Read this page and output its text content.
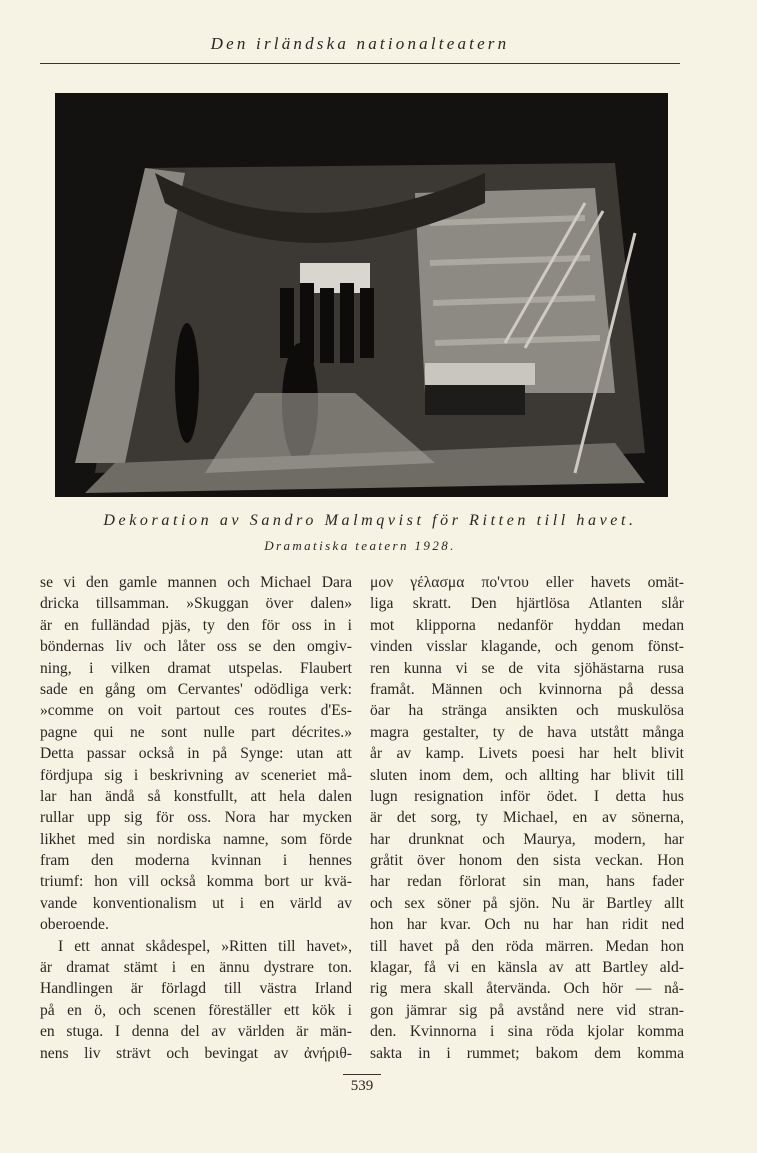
Den irländska nationalteatern
Dekoration av Sandro Malmqvist för Ritten till havet.
Dramatiska teatern 1928.
se vi den gamle mannen och Michael Dara
dricka tillsamman. »Skuggan över dalen»
är en fulländad pjäs, ty den för oss in i
böndernas liv och låter oss se den omgiv-
ning, i vilken dramat utspelas. Flaubert
sade en gång om Cervantes' odödliga verk:
»comme on voit partout ces routes d'Es-
pagne qui ne sont nulle part décrites.»
Detta passar också in på Synge: utan att
fördjupa sig i beskrivning av sceneriet må-
lar han ändå så konstfullt, att hela dalen
rullar upp sig för oss. Nora har mycken
likhet med sin nordiska namne, som förde
fram den moderna kvinnan i hennes
triumf: hon vill också komma bort ur kvä-
vande konventionalism ut i en värld av
oberoende.
I ett annat skådespel, »Ritten till havet»,
är dramat stämt i en ännu dystrare ton.
Handlingen är förlagd till västra Irland
på en ö, och scenen föreställer ett kök i
en stuga. I denna del av världen är män-
nens liv strävt och bevingat av ἀνήριθ-
μον γέλασμα πο'ντου eller havets omät-
liga skratt. Den hjärtlösa Atlanten slår
mot klipporna nedanför hyddan medan
vinden visslar klagande, och genom fönst-
ren kunna vi se de vita sjöhästarna rusa
framåt. Männen och kvinnorna på dessa
öar ha stränga ansikten och muskulösa
magra gestalter, ty de hava utstått många
år av kamp. Livets poesi har helt blivit
sluten inom dem, och allting har blivit till
lugn resignation inför ödet. I detta hus
är det sorg, ty Michael, en av sönerna,
har drunknat och Maurya, modern, har
gråtit över honom den sista veckan. Hon
har redan förlorat sin man, hans fader
och sex söner på sjön. Nu är Bartley allt
hon har kvar. Och nu har han ridit ned
till havet på den röda märren. Medan hon
klagar, få vi en känsla av att Bartley ald-
rig mera skall återvända. Och hör — nå-
gon jämrar sig på avstånd nere vid stran-
den. Kvinnorna i sina röda kjolar komma
sakta in i rummet; bakom dem komma
539
